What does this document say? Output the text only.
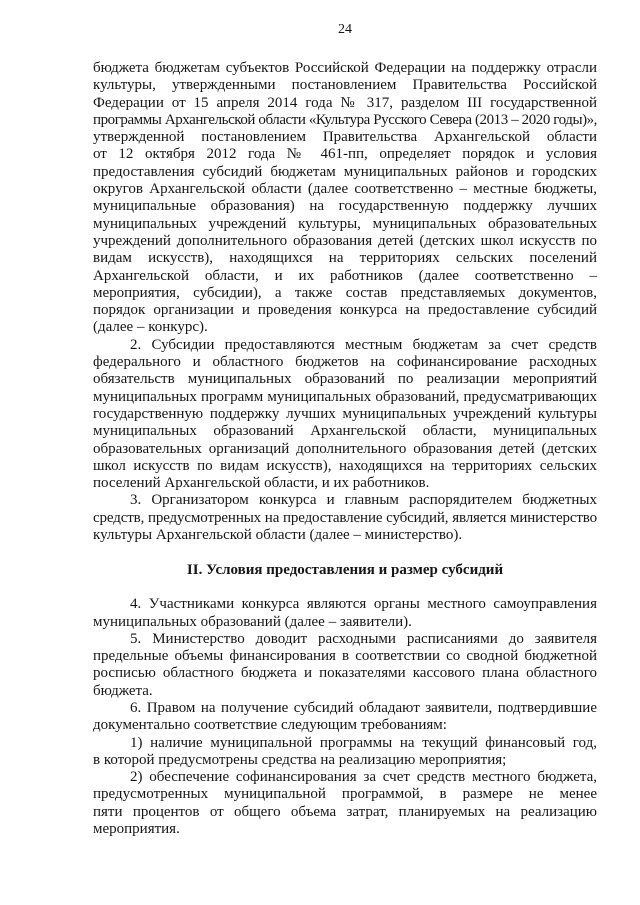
24
бюджета бюджетам субъектов Российской Федерации на поддержку отрасли
культуры, утвержденными постановлением Правительства Российской
Федерации от 15 апреля 2014 года № 317, разделом III государственной
программы Архангельской области «Культура Русского Севера (2013 – 2020 годы)»,
утвержденной постановлением Правительства Архангельской области
от 12 октября 2012 года № 461-пп, определяет порядок и условия
предоставления субсидий бюджетам муниципальных районов и городских
округов Архангельской области (далее соответственно – местные бюджеты,
муниципальные образования) на государственную поддержку лучших
муниципальных учреждений культуры, муниципальных образовательных
учреждений дополнительного образования детей (детских школ искусств по
видам искусств), находящихся на территориях сельских поселений
Архангельской области, и их работников (далее соответственно –
мероприятия, субсидии), а также состав представляемых документов,
порядок организации и проведения конкурса на предоставление субсидий
(далее – конкурс).
2. Субсидии предоставляются местным бюджетам за счет средств
федерального и областного бюджетов на софинансирование расходных
обязательств муниципальных образований по реализации мероприятий
муниципальных программ муниципальных образований, предусматривающих
государственную поддержку лучших муниципальных учреждений культуры
муниципальных образований Архангельской области, муниципальных
образовательных организаций дополнительного образования детей (детских
школ искусств по видам искусств), находящихся на территориях сельских
поселений Архангельской области, и их работников.
3. Организатором конкурса и главным распорядителем бюджетных
средств, предусмотренных на предоставление субсидий, является министерство
культуры Архангельской области (далее – министерство).
II. Условия предоставления и размер субсидий
4. Участниками конкурса являются органы местного самоуправления
муниципальных образований (далее – заявители).
5. Министерство доводит расходными расписаниями до заявителя
предельные объемы финансирования в соответствии со сводной бюджетной
росписью областного бюджета и показателями кассового плана областного
бюджета.
6. Правом на получение субсидий обладают заявители, подтвердившие
документально соответствие следующим требованиям:
1) наличие муниципальной программы на текущий финансовый год,
в которой предусмотрены средства на реализацию мероприятия;
2) обеспечение софинансирования за счет средств местного бюджета,
предусмотренных муниципальной программой, в размере не менее
пяти процентов от общего объема затрат, планируемых на реализацию
мероприятия.
